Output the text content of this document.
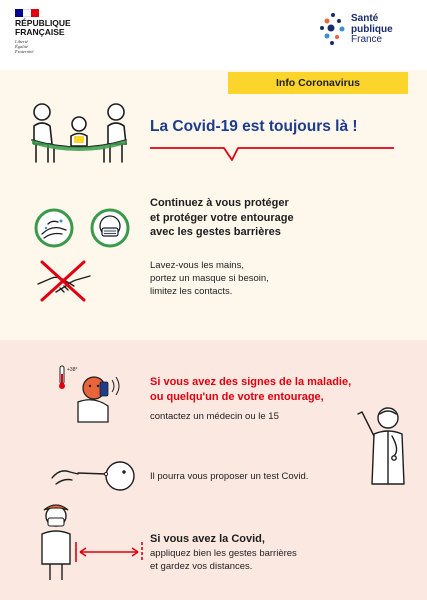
RÉPUBLIQUE
FRANÇAISE
Liberté
Égalité
Fraternité
Santé
publique
France
Info Coronavirus
La Covid-19 est toujours là !
Continuez à vous protéger
et protéger votre entourage
avec les gestes barrières
Lavez-vous les mains,
portez un masque si besoin,
limitez les contacts.
+38°
Si vous avez des signes de la maladie,
ou quelqu'un de votre entourage,
contactez un médecin ou le 15
Il pourra vous proposer un test Covid.
Si vous avez la Covid,
appliquez bien les gestes barrières
et gardez vos distances.
